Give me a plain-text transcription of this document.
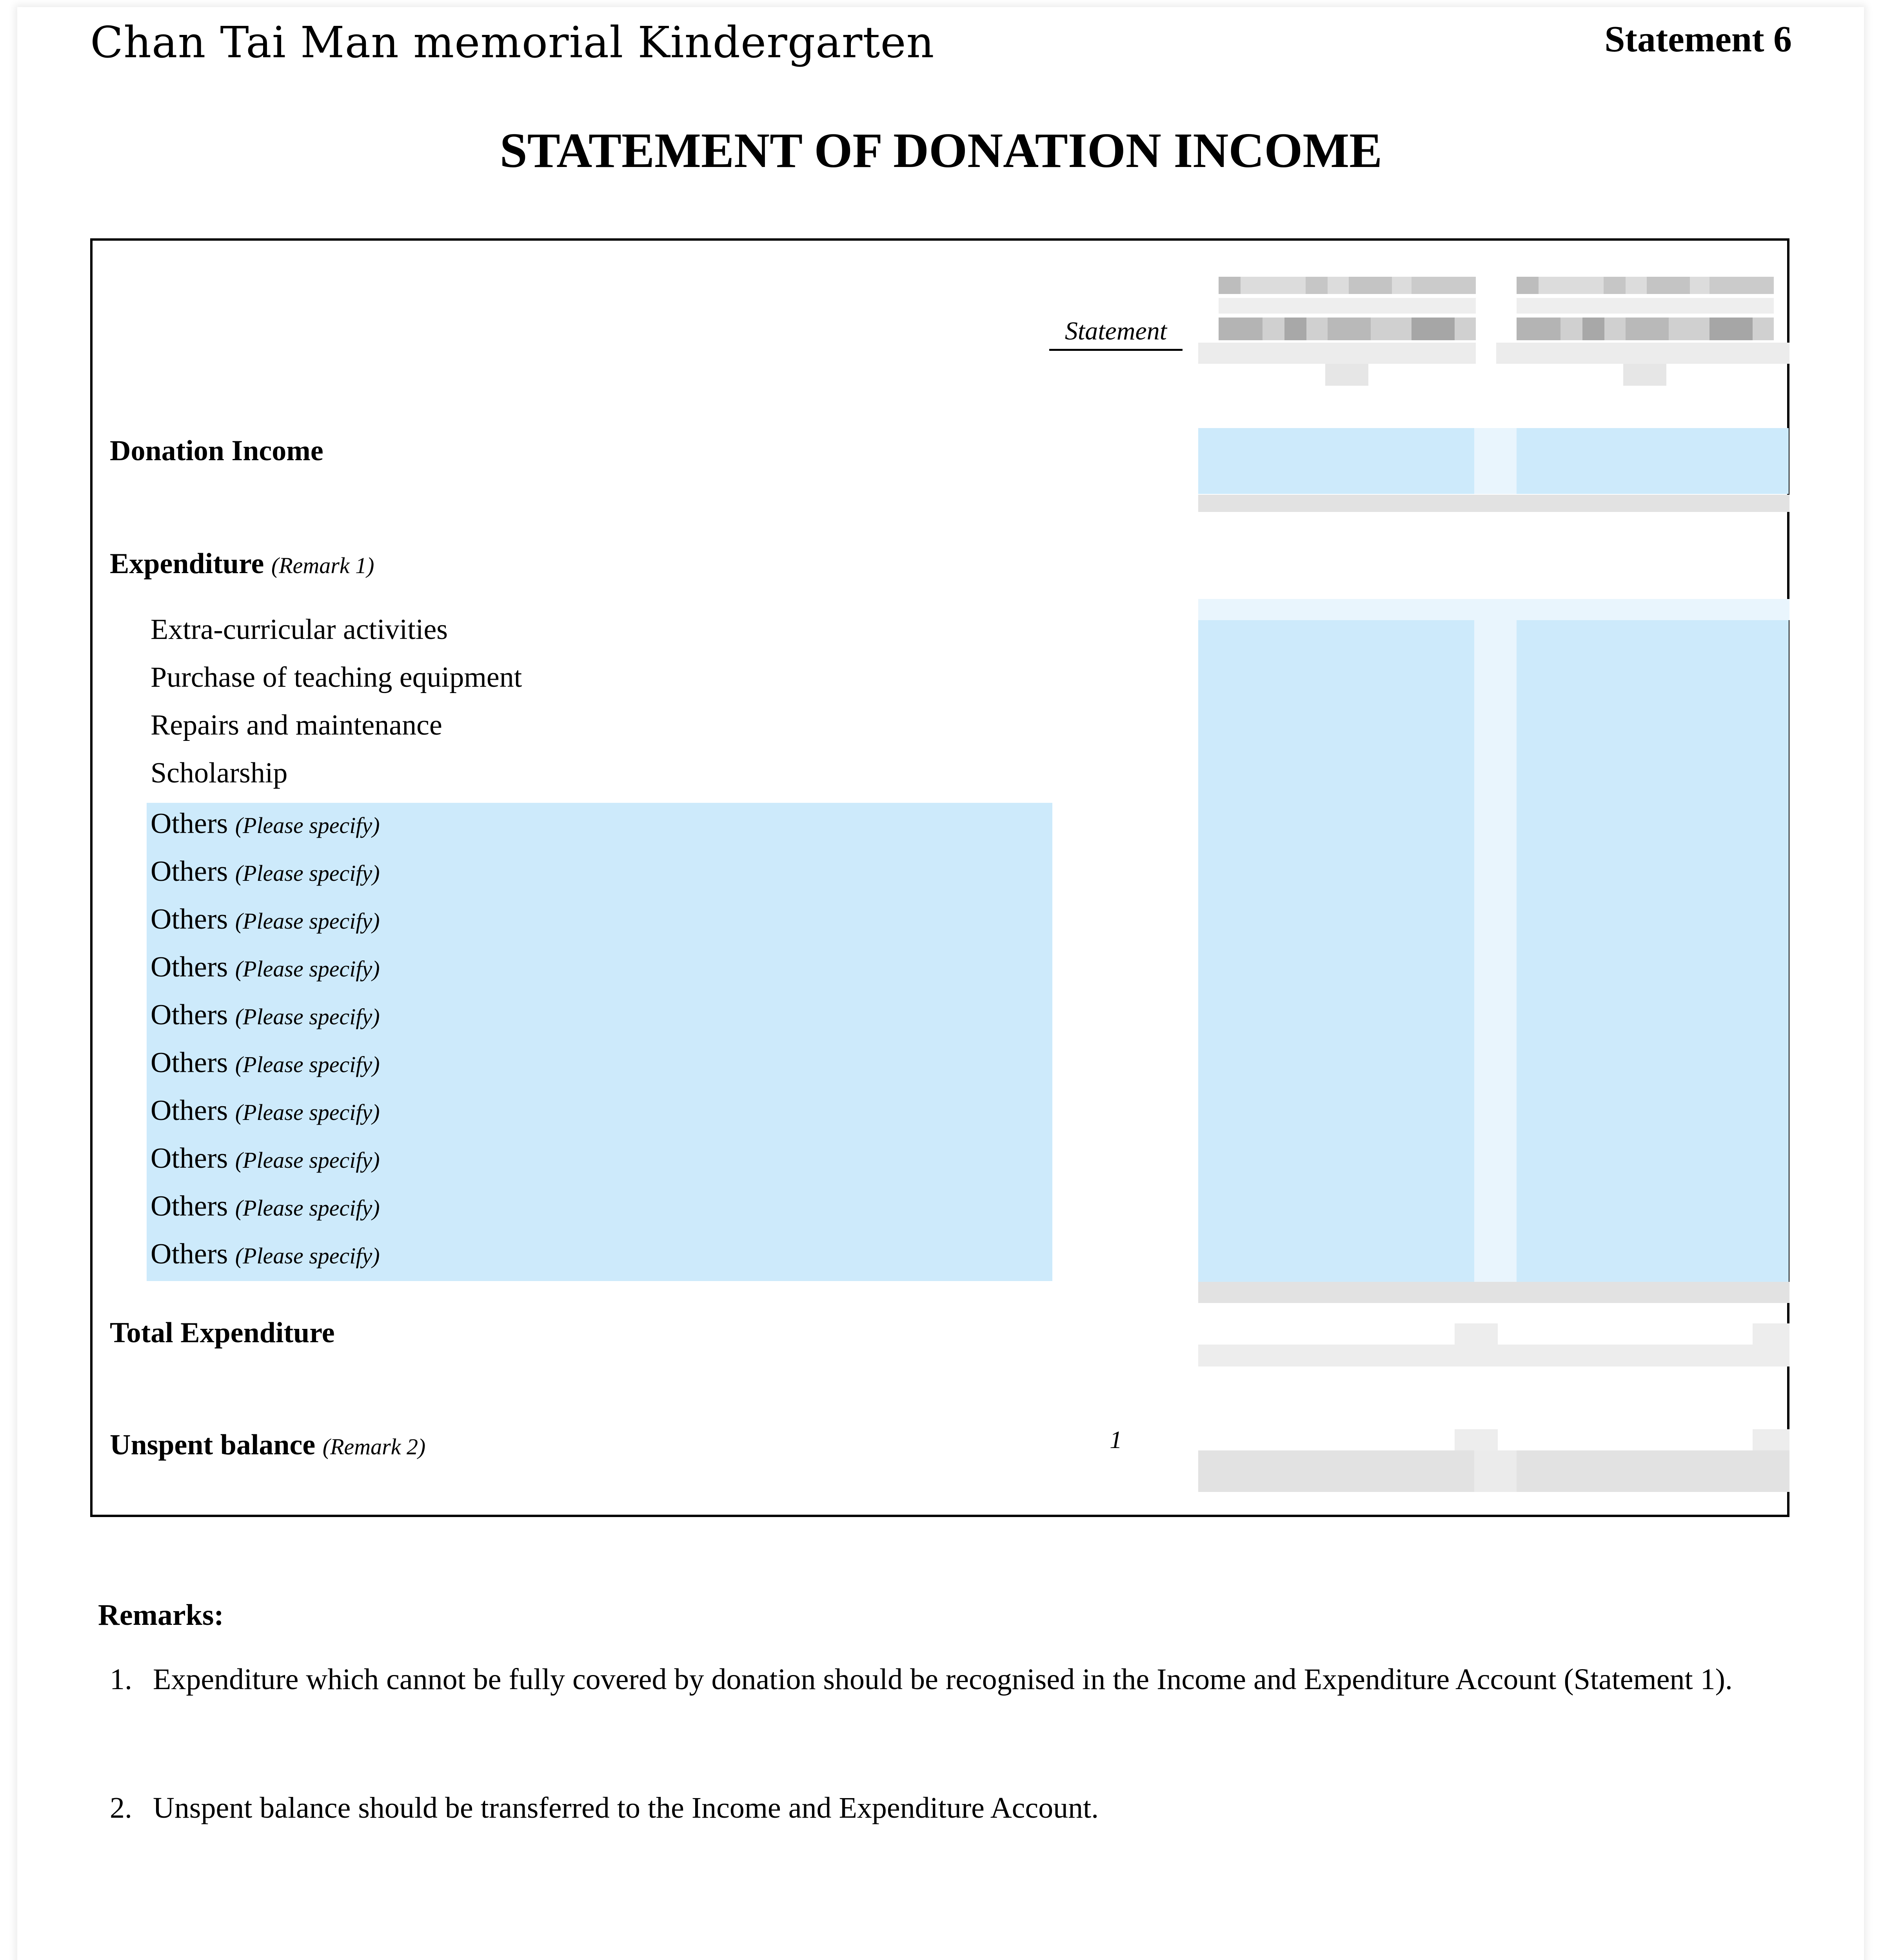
Chan Tai Man memorial Kindergarten	Statement 6
STATEMENT OF DONATION INCOME
Statement
Donation Income
Expenditure (Remark 1)
Extra-curricular activities
Purchase of teaching equipment
Repairs and maintenance
Scholarship
Others (Please specify)
Others (Please specify)
Others (Please specify)
Others (Please specify)
Others (Please specify)
Others (Please specify)
Others (Please specify)
Others (Please specify)
Others (Please specify)
Others (Please specify)
Total Expenditure
Unspent balance (Remark 2)	1
Remarks:
1. Expenditure which cannot be fully covered by donation should be recognised in the Income and Expenditure Account (Statement 1).
2. Unspent balance should be transferred to the Income and Expenditure Account.
